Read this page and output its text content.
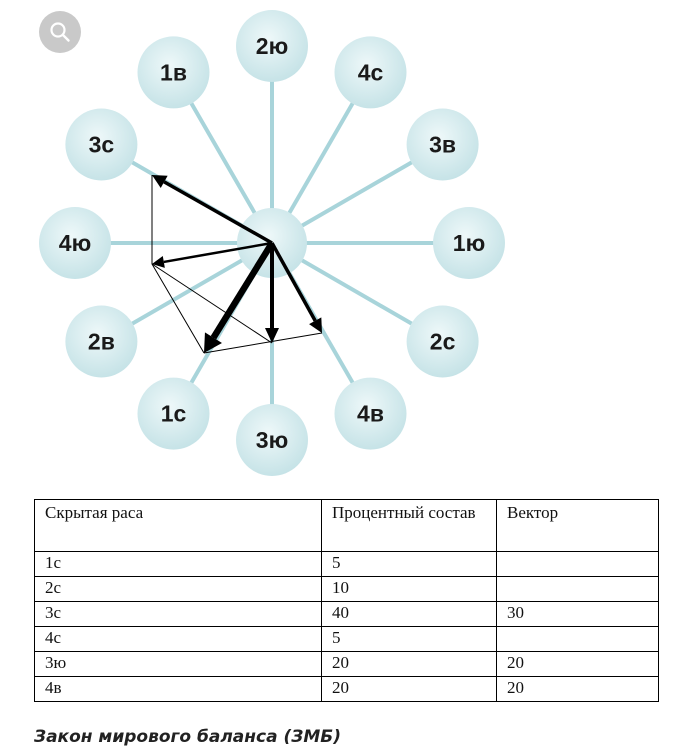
2ю
4с
3в
1ю
2с
4в
3ю
1с
2в
4ю
3с
1в
Скрытая раса	Процентный состав	Вектор
1с	5	
2с	10	
3с	40	30
4с	5	
3ю	20	20
4в	20	20
Закон мирового баланса (ЗМБ)
